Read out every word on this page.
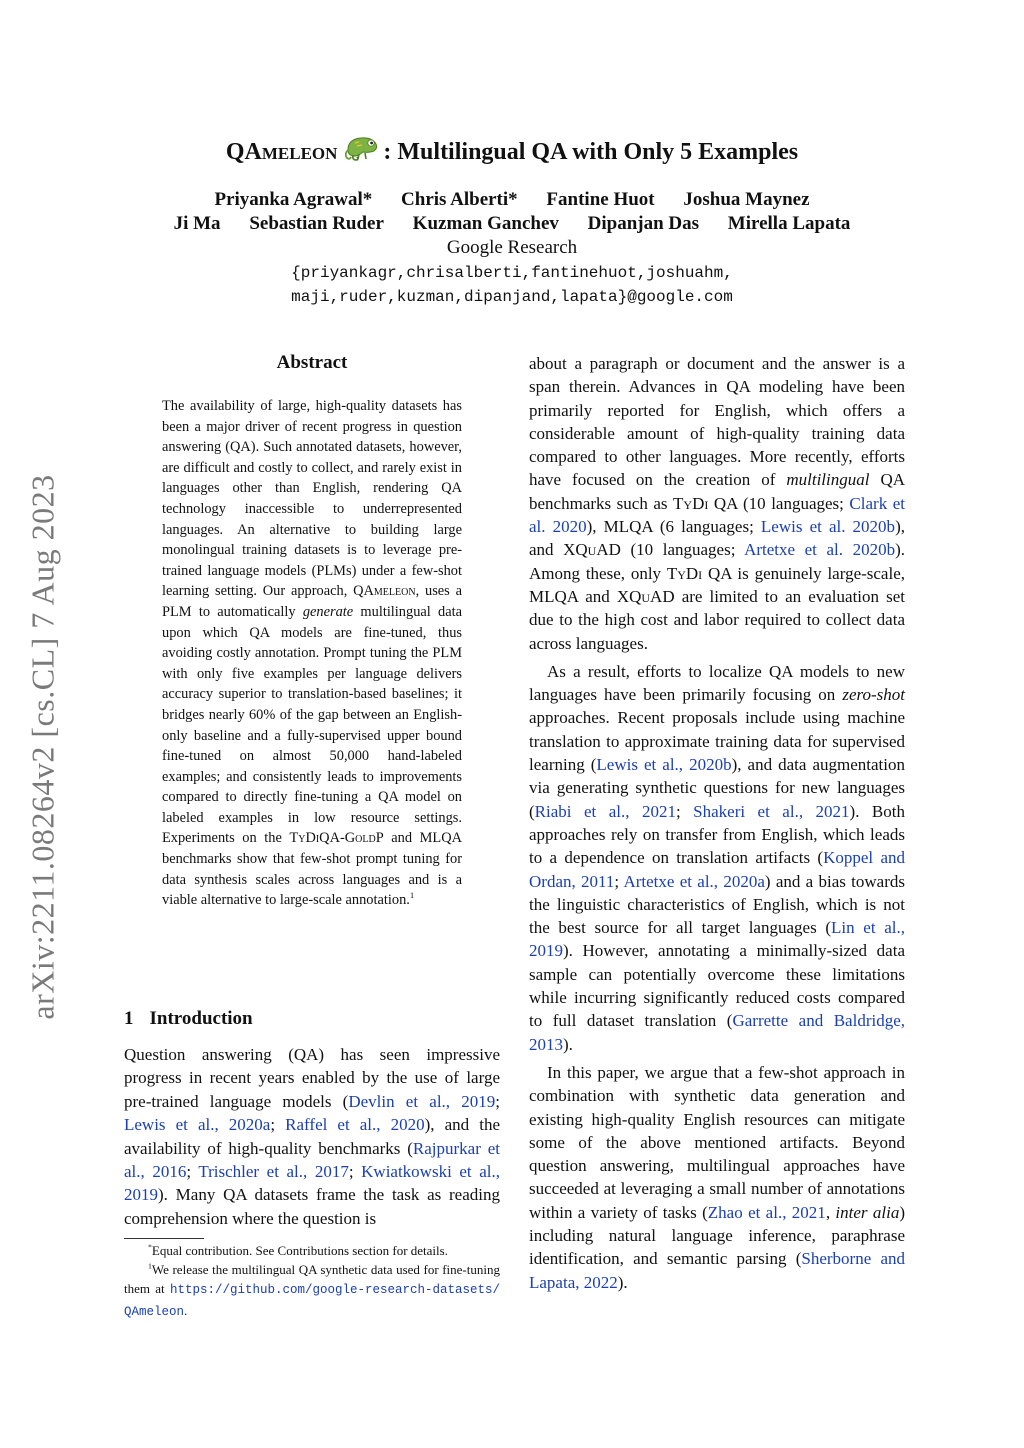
arXiv:2211.08264v2 [cs.CL] 7 Aug 2023
QAmeleon : Multilingual QA with Only 5 Examples
Priyanka Agrawal* Chris Alberti* Fantine Huot Joshua Maynez
Ji Ma Sebastian Ruder Kuzman Ganchev Dipanjan Das Mirella Lapata
Google Research
{priyankagr,chrisalberti,fantinehuot,joshuahm,
maji,ruder,kuzman,dipanjand,lapata}@google.com
Abstract
The availability of large, high-quality datasets has been a major driver of recent progress in question answering (QA). Such annotated datasets, however, are difficult and costly to collect, and rarely exist in languages other than English, rendering QA technology inaccessible to underrepresented languages. An alternative to building large monolingual training datasets is to leverage pre-trained language models (PLMs) under a few-shot learning setting. Our approach, QAmeleon, uses a PLM to automatically generate multilingual data upon which QA models are fine-tuned, thus avoiding costly annotation. Prompt tuning the PLM with only five examples per language delivers accuracy superior to translation-based baselines; it bridges nearly 60% of the gap between an English-only baseline and a fully-supervised upper bound fine-tuned on almost 50,000 hand-labeled examples; and consistently leads to improvements compared to directly fine-tuning a QA model on labeled examples in low resource settings. Experiments on the TyDiQA-GoldP and MLQA benchmarks show that few-shot prompt tuning for data synthesis scales across languages and is a viable alternative to large-scale annotation.$^1$
1 Introduction
Question answering (QA) has seen impressive progress in recent years enabled by the use of large pre-trained language models (Devlin et al., 2019; Lewis et al., 2020a; Raffel et al., 2020), and the availability of high-quality benchmarks (Rajpurkar et al., 2016; Trischler et al., 2017; Kwiatkowski et al., 2019). Many QA datasets frame the task as reading comprehension where the question is

*Equal contribution. See Contributions section for details.

$^1$We release the multilingual QA synthetic data used for fine-tuning them at https://github.com/google-research-datasets/QAmeleon.

about a paragraph or document and the answer is a span therein. Advances in QA modeling have been primarily reported for English, which offers a considerable amount of high-quality training data compared to other languages. More recently, efforts have focused on the creation of multilingual QA benchmarks such as TyDi QA (10 languages; Clark et al. 2020), MLQA (6 languages; Lewis et al. 2020b), and XQuAD (10 languages; Artetxe et al. 2020b). Among these, only TyDi QA is genuinely large-scale, MLQA and XQuAD are limited to an evaluation set due to the high cost and labor required to collect data across languages.

As a result, efforts to localize QA models to new languages have been primarily focusing on zero-shot approaches. Recent proposals include using machine translation to approximate training data for supervised learning (Lewis et al., 2020b), and data augmentation via generating synthetic questions for new languages (Riabi et al., 2021; Shakeri et al., 2021). Both approaches rely on transfer from English, which leads to a dependence on translation artifacts (Koppel and Ordan, 2011; Artetxe et al., 2020a) and a bias towards the linguistic characteristics of English, which is not the best source for all target languages (Lin et al., 2019). However, annotating a minimally-sized data sample can potentially overcome these limitations while incurring significantly reduced costs compared to full dataset translation (Garrette and Baldridge, 2013).

In this paper, we argue that a few-shot approach in combination with synthetic data generation and existing high-quality English resources can mitigate some of the above mentioned artifacts. Beyond question answering, multilingual approaches have succeeded at leveraging a small number of annotations within a variety of tasks (Zhao et al., 2021, inter alia) including natural language inference, paraphrase identification, and semantic parsing (Sherborne and Lapata, 2022).
